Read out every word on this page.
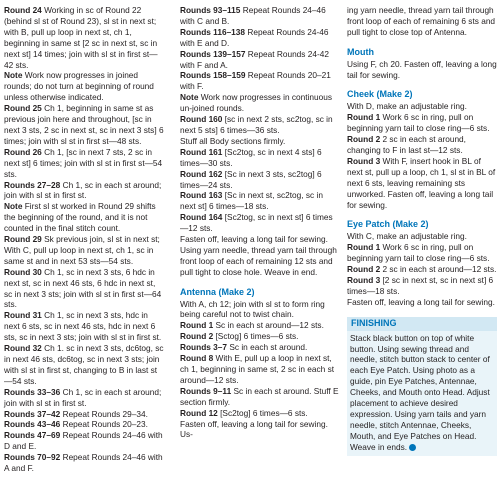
Round 24 Working in sc of Round 22 (behind sl st of Round 23), sl st in next st; with B, pull up loop in next st, ch 1, beginning in same st [2 sc in next st, sc in next st] 14 times; join with sl st in first st—42 sts.

Note Work now progresses in joined rounds; do not turn at beginning of round unless otherwise indicated.

Round 25 Ch 1, beginning in same st as previous join here and throughout, [sc in next 3 sts, 2 sc in next st, sc in next 3 sts] 6 times; join with sl st in first st—48 sts.

Round 26 Ch 1, [sc in next 7 sts, 2 sc in next st] 6 times; join with sl st in first st—54 sts.

Rounds 27–28 Ch 1, sc in each st around; join with sl st in first st.

Note First sl st worked in Round 29 shifts the beginning of the round, and it is not counted in the final stitch count.

Round 29 Sk previous join, sl st in next st; With C, pull up loop in next st, ch 1, sc in same st and in next 53 sts—54 sts.

Round 30 Ch 1, sc in next 3 sts, 6 hdc in next st, sc in next 46 sts, 6 hdc in next st, sc in next 3 sts; join with sl st in first st—64 sts.

Round 31 Ch 1, sc in next 3 sts, hdc in next 6 sts, sc in next 46 sts, hdc in next 6 sts, sc in next 3 sts; join with sl st in first st.

Round 32 Ch 1. sc in next 3 sts, dc6tog, sc in next 46 sts, dc6tog, sc in next 3 sts; join with sl st in first st, changing to B in last st—54 sts.

Rounds 33–36 Ch 1, sc in each st around; join with sl st in first st.

Rounds 37–42 Repeat Rounds 29–34.

Rounds 43–46 Repeat Rounds 20–23.

Rounds 47–69 Repeat Rounds 24–46 with D and E.

Rounds 70–92 Repeat Rounds 24–46 with A and F.

Rounds 93–115 Repeat Rounds 24–46 with C and B.

Rounds 116–138 Repeat Rounds 24-46 with E and D.

Rounds 139–157 Repeat Rounds 24-42 with F and A.

Rounds 158–159 Repeat Rounds 20–21 with F.

Note Work now progresses in continuous un-joined rounds.

Round 160 [sc in next 2 sts, sc2tog, sc in next 5 sts] 6 times—36 sts.

Stuff all Body sections firmly.

Round 161 [Sc2tog, sc in next 4 sts] 6 times—30 sts.

Round 162 [Sc in next 3 sts, sc2tog] 6 times—24 sts.

Round 163 [Sc in next st, sc2tog, sc in next st] 6 times—18 sts.

Round 164 [Sc2tog, sc in next st] 6 times—12 sts.

Fasten off, leaving a long tail for sewing. Using yarn needle, thread yarn tail through front loop of each of remaining 12 sts and pull tight to close hole. Weave in end.

Antenna (Make 2)

With A, ch 12; join with sl st to form ring being careful not to twist chain.

Round 1 Sc in each st around—12 sts.

Round 2 [Sctog] 6 times—6 sts.

Rounds 3–7 Sc in each st around.

Round 8 With E, pull up a loop in next st, ch 1, beginning in same st, 2 sc in each st around—12 sts.

Rounds 9–11 Sc in each st around. Stuff E section firmly.

Round 12 [Sc2tog] 6 times—6 sts.

Fasten off, leaving a long tail for sewing. Us-

ing yarn needle, thread yarn tail through front loop of each of remaining 6 sts and pull tight to close top of Antenna.

Mouth

Using F, ch 20. Fasten off, leaving a long tail for sewing.

Cheek (Make 2)

With D, make an adjustable ring.

Round 1 Work 6 sc in ring, pull on beginning yarn tail to close ring—6 sts.

Round 2 2 sc in each st around, changing to F in last st—12 sts.

Round 3 With F, insert hook in BL of next st, pull up a loop, ch 1, sl st in BL of next 6 sts, leaving remaining sts unworked. Fasten off, leaving a long tail for sewing.

Eye Patch (Make 2)

With C, make an adjustable ring.

Round 1 Work 6 sc in ring, pull on beginning yarn tail to close ring—6 sts.

Round 2 2 sc in each st around—12 sts.

Round 3 [2 sc in next st, sc in next st] 6 times—18 sts.

Fasten off, leaving a long tail for sewing.

FINISHING
Stack black button on top of white button. Using sewing thread and needle, stitch button stack to center of each Eye Patch. Using photo as a guide, pin Eye Patches, Antennae, Cheeks, and Mouth onto Head. Adjust placement to achieve desired expression. Using yarn tails and yarn needle, stitch Antennae, Cheeks, Mouth, and Eye Patches on Head. Weave in ends.
